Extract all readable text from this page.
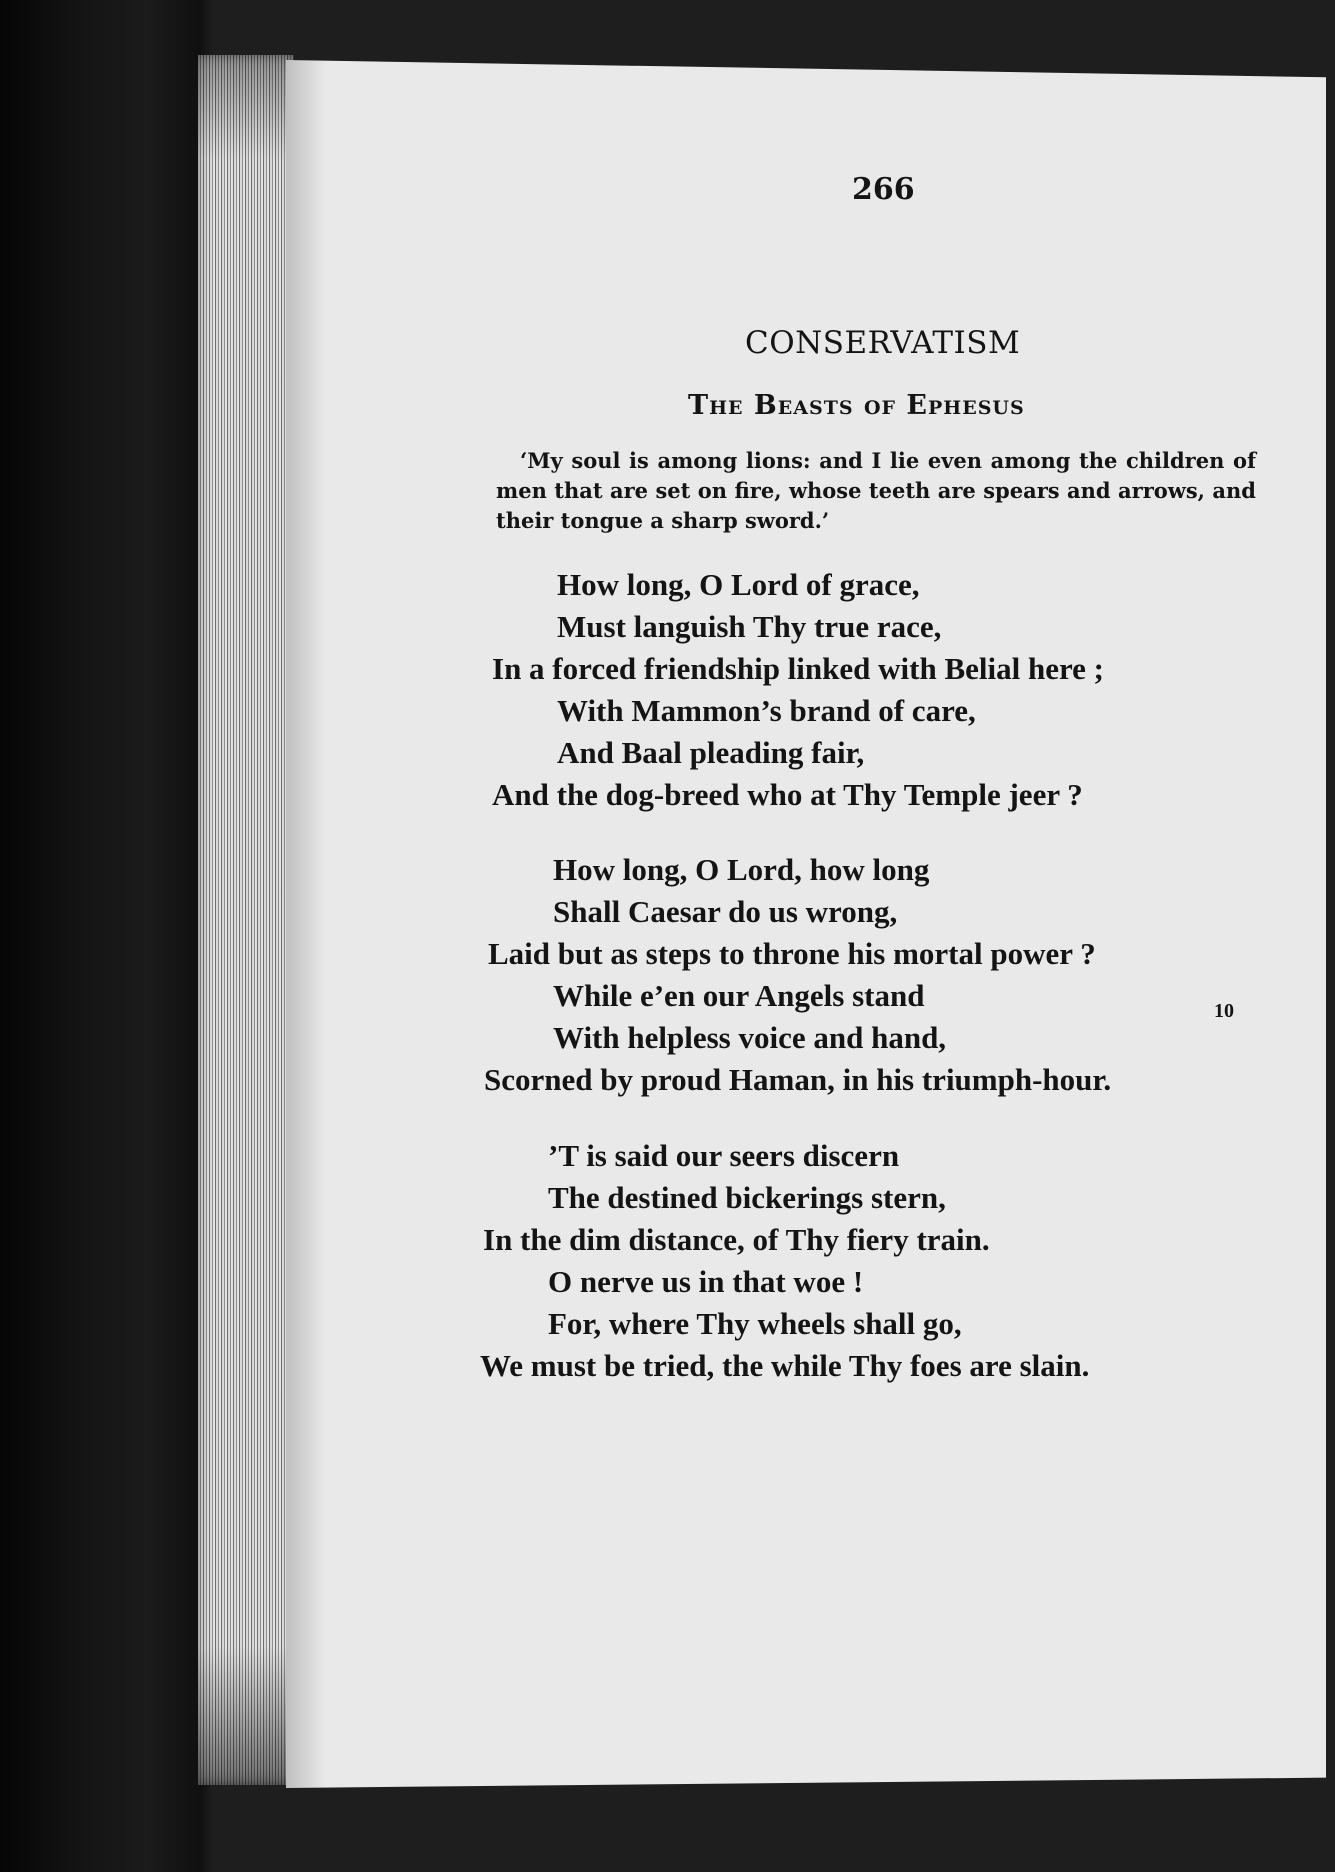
266
CONSERVATISM
The Beasts of Ephesus
‘My soul is among lions: and I lie even among the children of men that are set on fire, whose teeth are spears and arrows, and their tongue a sharp sword.’
How long, O Lord of grace,
Must languish Thy true race,
In a forced friendship linked with Belial here ;
With Mammon’s brand of care,
And Baal pleading fair,
And the dog-breed who at Thy Temple jeer ?
How long, O Lord, how long
Shall Caesar do us wrong,
Laid but as steps to throne his mortal power ?
While e’en our Angels stand
With helpless voice and hand,
Scorned by proud Haman, in his triumph-hour.
10
’T is said our seers discern
The destined bickerings stern,
In the dim distance, of Thy fiery train.
O nerve us in that woe !
For, where Thy wheels shall go,
We must be tried, the while Thy foes are slain.
